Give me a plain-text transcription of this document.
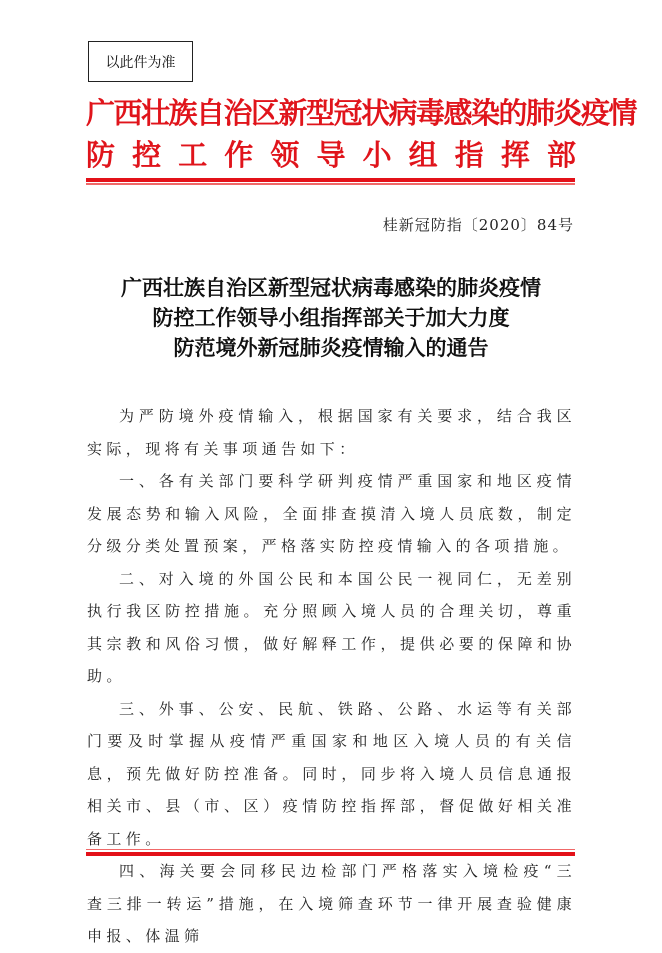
以此件为准
广西壮族自治区新型冠状病毒感染的肺炎疫情
防 控 工 作 领 导 小 组 指 挥 部
桂新冠防指〔2020〕84号
广西壮族自治区新型冠状病毒感染的肺炎疫情
防控工作领导小组指挥部关于加大力度
防范境外新冠肺炎疫情输入的通告

为严防境外疫情输入，根据国家有关要求，结合我区实际，现将有关事项通告如下：

一、各有关部门要科学研判疫情严重国家和地区疫情发展态势和输入风险，全面排查摸清入境人员底数，制定分级分类处置预案，严格落实防控疫情输入的各项措施。

二、对入境的外国公民和本国公民一视同仁，无差别执行我区防控措施。充分照顾入境人员的合理关切，尊重其宗教和风俗习惯，做好解释工作，提供必要的保障和协助。

三、外事、公安、民航、铁路、公路、水运等有关部门要及时掌握从疫情严重国家和地区入境人员的有关信息，预先做好防控准备。同时，同步将入境人员信息通报相关市、县（市、区）疫情防控指挥部，督促做好相关准备工作。

四、海关要会同移民边检部门严格落实入境检疫“三查三排一转运”措施，在入境筛查环节一律开展查验健康申报、体温筛
